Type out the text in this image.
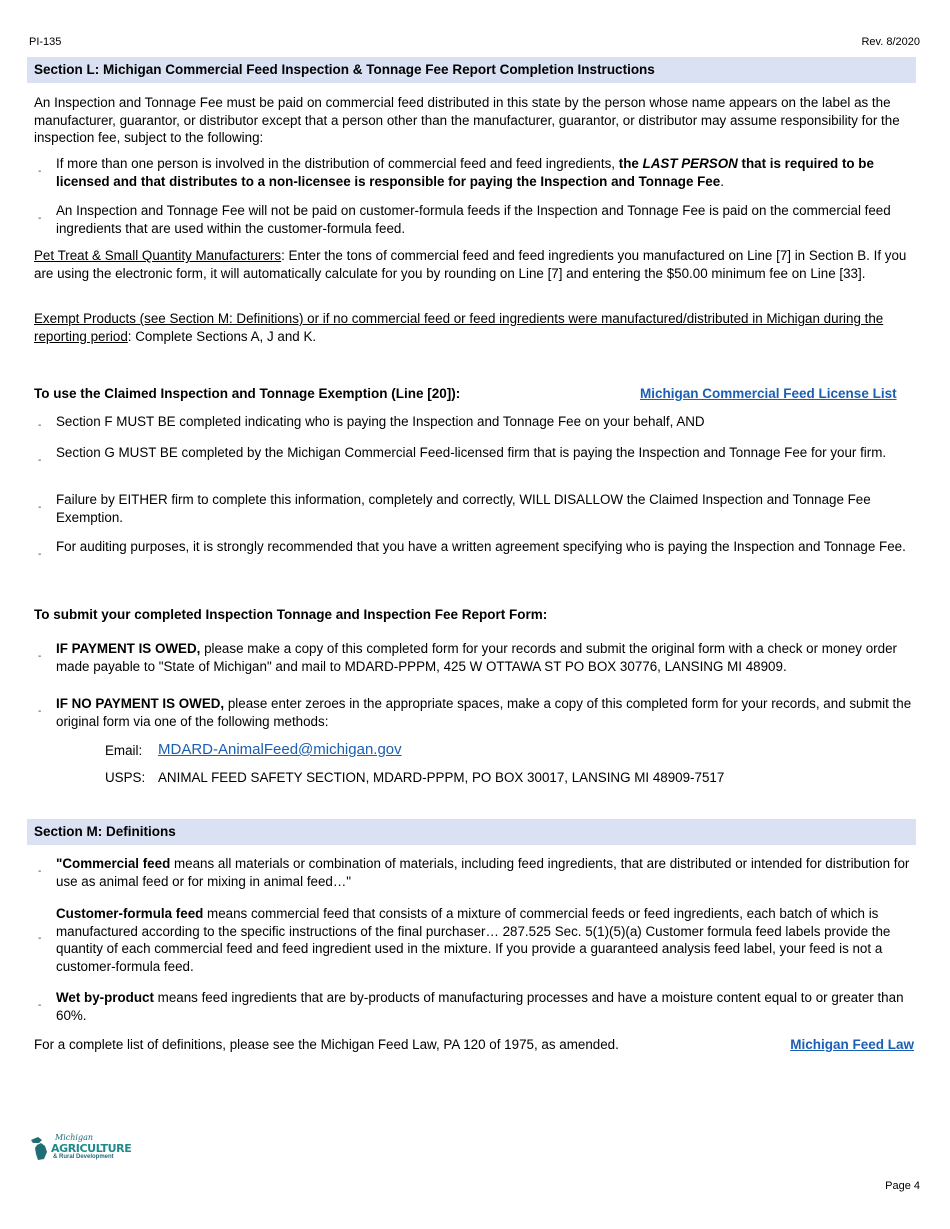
PI-135	Rev. 8/2020
Section L: Michigan Commercial Feed Inspection & Tonnage Fee Report Completion Instructions
An Inspection and Tonnage Fee must be paid on commercial feed distributed in this state by the person whose name appears on the label as the manufacturer, guarantor, or distributor except that a person other than the manufacturer, guarantor, or distributor may assume responsibility for the inspection fee, subject to the following:
-
If more than one person is involved in the distribution of commercial feed and feed ingredients, the LAST PERSON that is required to be licensed and that distributes to a non-licensee is responsible for paying the Inspection and Tonnage Fee.
-
An Inspection and Tonnage Fee will not be paid on customer-formula feeds if the Inspection and Tonnage Fee is paid on the commercial feed ingredients that are used within the customer-formula feed.
Pet Treat & Small Quantity Manufacturers: Enter the tons of commercial feed and feed ingredients you manufactured on Line [7] in Section B. If you are using the electronic form, it will automatically calculate for you by rounding on Line [7] and entering the $50.00 minimum fee on Line [33].
Exempt Products (see Section M: Definitions) or if no commercial feed or feed ingredients were manufactured/distributed in Michigan during the reporting period: Complete Sections A, J and K.
To use the Claimed Inspection and Tonnage Exemption (Line [20]):	Michigan Commercial Feed License List
- Section F MUST BE completed indicating who is paying the Inspection and Tonnage Fee on your behalf, AND
-
Section G MUST BE completed by the Michigan Commercial Feed-licensed firm that is paying the Inspection and Tonnage Fee for your firm.
-
Failure by EITHER firm to complete this information, completely and correctly, WILL DISALLOW the Claimed Inspection and Tonnage Fee Exemption.
-
For auditing purposes, it is strongly recommended that you have a written agreement specifying who is paying the Inspection and Tonnage Fee.
To submit your completed Inspection Tonnage and Inspection Fee Report Form:
-
IF PAYMENT IS OWED, please make a copy of this completed form for your records and submit the original form with a check or money order made payable to "State of Michigan" and mail to MDARD-PPPM, 425 W OTTAWA ST PO BOX 30776, LANSING MI 48909.
-
IF NO PAYMENT IS OWED, please enter zeroes in the appropriate spaces, make a copy of this completed form for your records, and submit the original form via one of the following methods:
Email: MDARD-AnimalFeed@michigan.gov
USPS: ANIMAL FEED SAFETY SECTION, MDARD-PPPM, PO BOX 30017, LANSING MI 48909-7517
Section M: Definitions
-
"Commercial feed means all materials or combination of materials, including feed ingredients, that are distributed or intended for distribution for use as animal feed or for mixing in animal feed…"
-
Customer-formula feed means commercial feed that consists of a mixture of commercial feeds or feed ingredients, each batch of which is manufactured according to the specific instructions of the final purchaser… 287.525 Sec. 5(1)(5)(a) Customer formula feed labels provide the quantity of each commercial feed and feed ingredient used in the mixture. If you provide a guaranteed analysis feed label, your feed is not a customer-formula feed.
-
Wet by-product means feed ingredients that are by-products of manufacturing processes and have a moisture content equal to or greater than 60%.
For a complete list of definitions, please see the Michigan Feed Law, PA 120 of 1975, as amended.	Michigan Feed Law
Michigan
AGRICULTURE
& Rural Development
Page 4
